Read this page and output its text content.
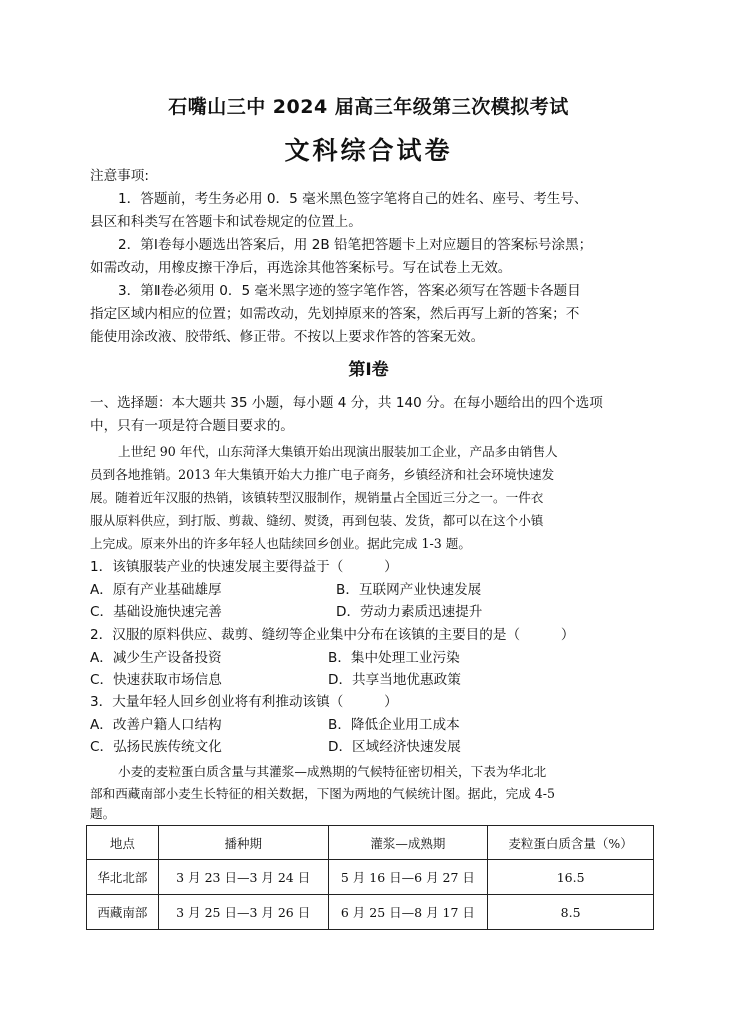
石嘴山三中 2024 届高三年级第三次模拟考试
文科综合试卷
注意事项:
1．答题前，考生务必用 0．5 毫米黑色签字笔将自己的姓名、座号、考生号、
县区和科类写在答题卡和试卷规定的位置上。
2．第Ⅰ卷每小题选出答案后，用 2B 铅笔把答题卡上对应题目的答案标号涂黑；
如需改动，用橡皮擦干净后，再选涂其他答案标号。写在试卷上无效。
3．第Ⅱ卷必须用 0．5 毫米黑字迹的签字笔作答，答案必须写在答题卡各题目
指定区域内相应的位置；如需改动，先划掉原来的答案，然后再写上新的答案；不
能使用涂改液、胶带纸、修正带。不按以上要求作答的答案无效。
第Ⅰ卷
一、选择题：本大题共 35 小题，每小题 4 分，共 140 分。在每小题给出的四个选项
中，只有一项是符合题目要求的。
上世纪 90 年代，山东菏泽大集镇开始出现演出服装加工企业，产品多由销售人
员到各地推销。2013 年大集镇开始大力推广电子商务，乡镇经济和社会环境快速发
展。随着近年汉服的热销，该镇转型汉服制作，规销量占全国近三分之一。一件衣
服从原料供应，到打版、剪裁、缝纫、熨烫，再到包装、发货，都可以在这个小镇
上完成。原来外出的许多年轻人也陆续回乡创业。据此完成 1-3 题。
1．该镇服装产业的快速发展主要得益于（　　　）
A．原有产业基础雄厚	B．互联网产业快速发展
C．基础设施快速完善	D．劳动力素质迅速提升
2．汉服的原料供应、裁剪、缝纫等企业集中分布在该镇的主要目的是（　　　）
A．减少生产设备投资	B．集中处理工业污染
C．快速获取市场信息	D．共享当地优惠政策
3．大量年轻人回乡创业将有利推动该镇（　　　）
A．改善户籍人口结构	B．降低企业用工成本
C．弘扬民族传统文化	D．区域经济快速发展
小麦的麦粒蛋白质含量与其灌浆—成熟期的气候特征密切相关，下表为华北北
部和西藏南部小麦生长特征的相关数据，下图为两地的气候统计图。据此，完成 4-5
题。
地点	播种期	灌浆—成熟期	麦粒蛋白质含量（%）
华北北部	3 月 23 日—3 月 24 日	5 月 16 日—6 月 27 日	16.5
西藏南部	3 月 25 日—3 月 26 日	6 月 25 日—8 月 17 日	8.5
